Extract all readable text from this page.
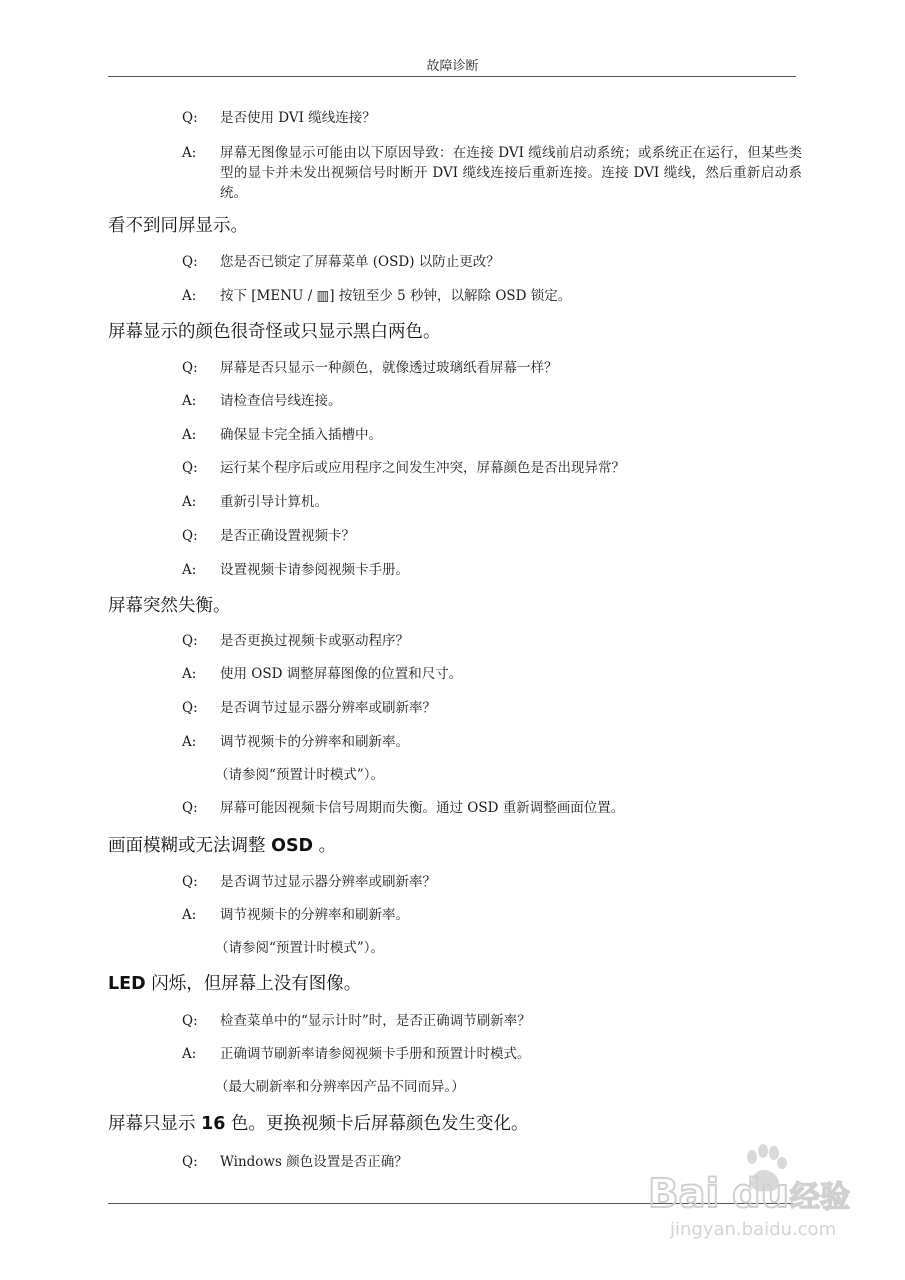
故障诊断
Q: 是否使用 DVI 缆线连接？
A: 屏幕无图像显示可能由以下原因导致：在连接 DVI 缆线前启动系统；或系统正在运行，但某些类型的显卡并未发出视频信号时断开 DVI 缆线连接后重新连接。连接 DVI 缆线，然后重新启动系统。
看不到同屏显示。
Q: 您是否已锁定了屏幕菜单 (OSD) 以防止更改？
A: 按下 [MENU / ▥] 按钮至少 5 秒钟，以解除 OSD 锁定。
屏幕显示的颜色很奇怪或只显示黑白两色。
Q: 屏幕是否只显示一种颜色，就像透过玻璃纸看屏幕一样？
A: 请检查信号线连接。
A: 确保显卡完全插入插槽中。
Q: 运行某个程序后或应用程序之间发生冲突，屏幕颜色是否出现异常？
A: 重新引导计算机。
Q: 是否正确设置视频卡？
A: 设置视频卡请参阅视频卡手册。
屏幕突然失衡。
Q: 是否更换过视频卡或驱动程序？
A: 使用 OSD 调整屏幕图像的位置和尺寸。
Q: 是否调节过显示器分辨率或刷新率？
A: 调节视频卡的分辨率和刷新率。
（请参阅“预置计时模式”）。
Q: 屏幕可能因视频卡信号周期而失衡。通过 OSD 重新调整画面位置。
画面模糊或无法调整 OSD 。
Q: 是否调节过显示器分辨率或刷新率？
A: 调节视频卡的分辨率和刷新率。
（请参阅“预置计时模式”）。
LED 闪烁，但屏幕上没有图像。
Q: 检查菜单中的“显示计时”时，是否正确调节刷新率？
A: 正确调节刷新率请参阅视频卡手册和预置计时模式。
（最大刷新率和分辨率因产品不同而异。）
屏幕只显示 16 色。更换视频卡后屏幕颜色发生变化。
Q: Windows 颜色设置是否正确？
Bai du 经验
jingyan.baidu.com
